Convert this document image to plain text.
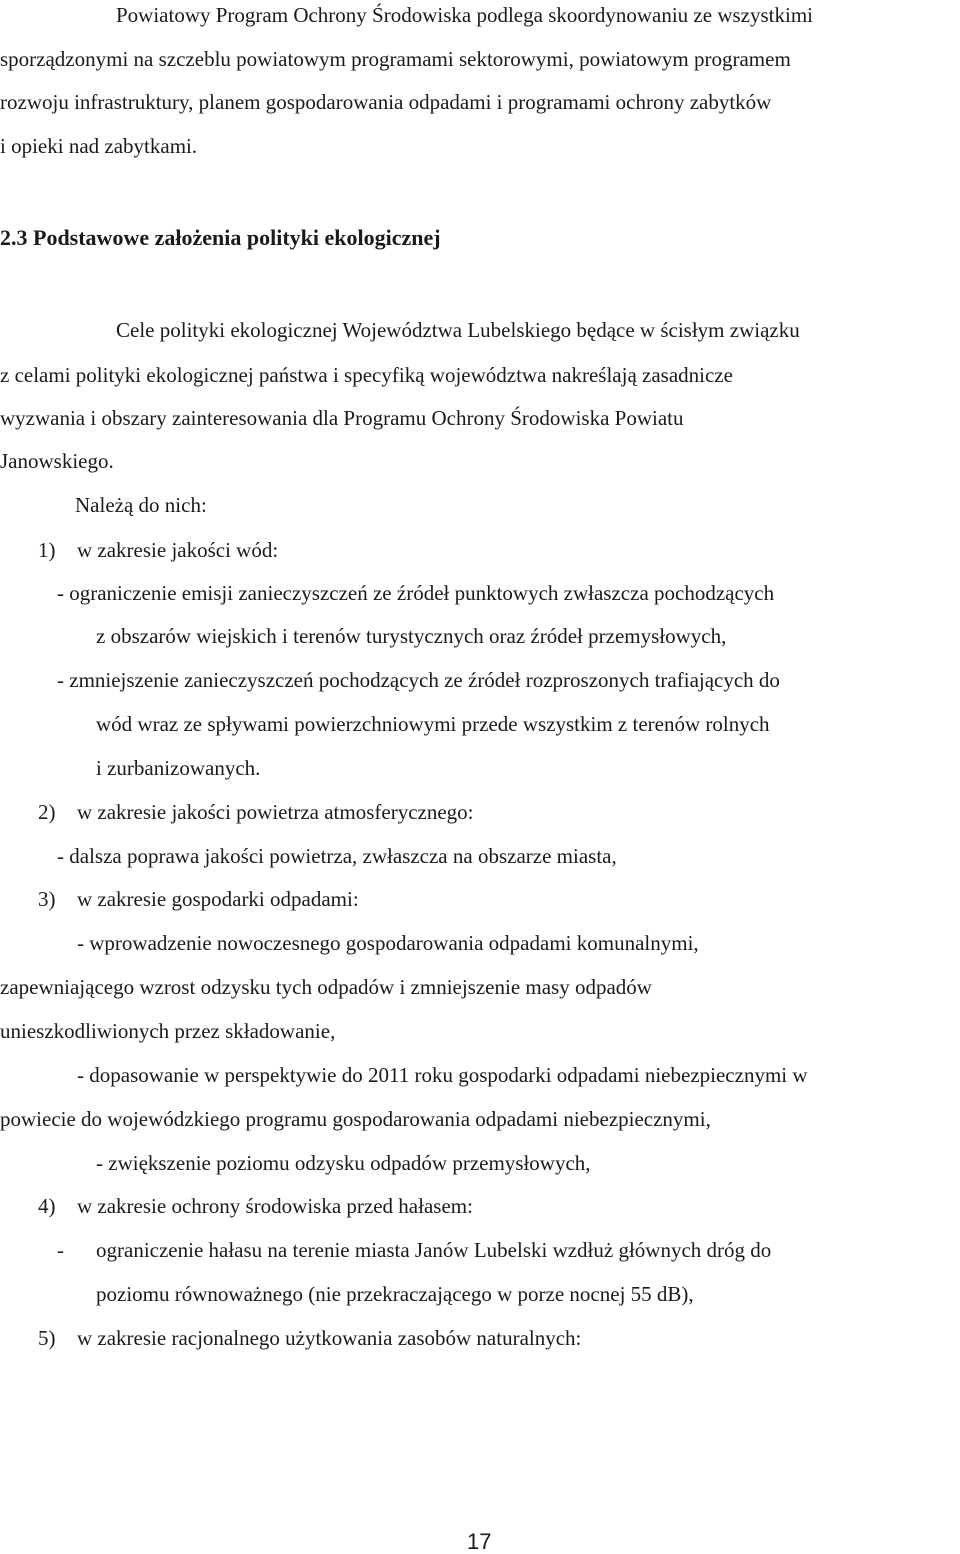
Powiatowy Program Ochrony Środowiska podlega skoordynowaniu ze wszystkimi
sporządzonymi na szczeblu powiatowym programami sektorowymi, powiatowym programem
rozwoju infrastruktury, planem gospodarowania odpadami i programami ochrony zabytków
i opieki nad zabytkami.
2.3 Podstawowe założenia polityki ekologicznej
Cele polityki ekologicznej Województwa Lubelskiego będące w ścisłym związku
z celami polityki ekologicznej państwa i specyfiką województwa nakreślają zasadnicze
wyzwania i obszary zainteresowania dla Programu Ochrony Środowiska Powiatu
Janowskiego.
Należą do nich:
1) w zakresie jakości wód:
- ograniczenie emisji zanieczyszczeń ze źródeł punktowych zwłaszcza pochodzących
z obszarów wiejskich i terenów turystycznych oraz źródeł przemysłowych,
- zmniejszenie zanieczyszczeń pochodzących ze źródeł rozproszonych trafiających do
wód wraz ze spływami powierzchniowymi przede wszystkim z terenów rolnych
i zurbanizowanych.
2) w zakresie jakości powietrza atmosferycznego:
- dalsza poprawa jakości powietrza, zwłaszcza na obszarze miasta,
3) w zakresie gospodarki odpadami:
- wprowadzenie nowoczesnego gospodarowania odpadami komunalnymi,
zapewniającego wzrost odzysku tych odpadów i zmniejszenie masy odpadów
unieszkodliwionych przez składowanie,
- dopasowanie w perspektywie do 2011 roku gospodarki odpadami niebezpiecznymi w
powiecie do wojewódzkiego programu gospodarowania odpadami niebezpiecznymi,
- zwiększenie poziomu odzysku odpadów przemysłowych,
4) w zakresie ochrony środowiska przed hałasem:
- ograniczenie hałasu na terenie miasta Janów Lubelski wzdłuż głównych dróg do
poziomu równoważnego (nie przekraczającego w porze nocnej 55 dB),
5) w zakresie racjonalnego użytkowania zasobów naturalnych:
17
